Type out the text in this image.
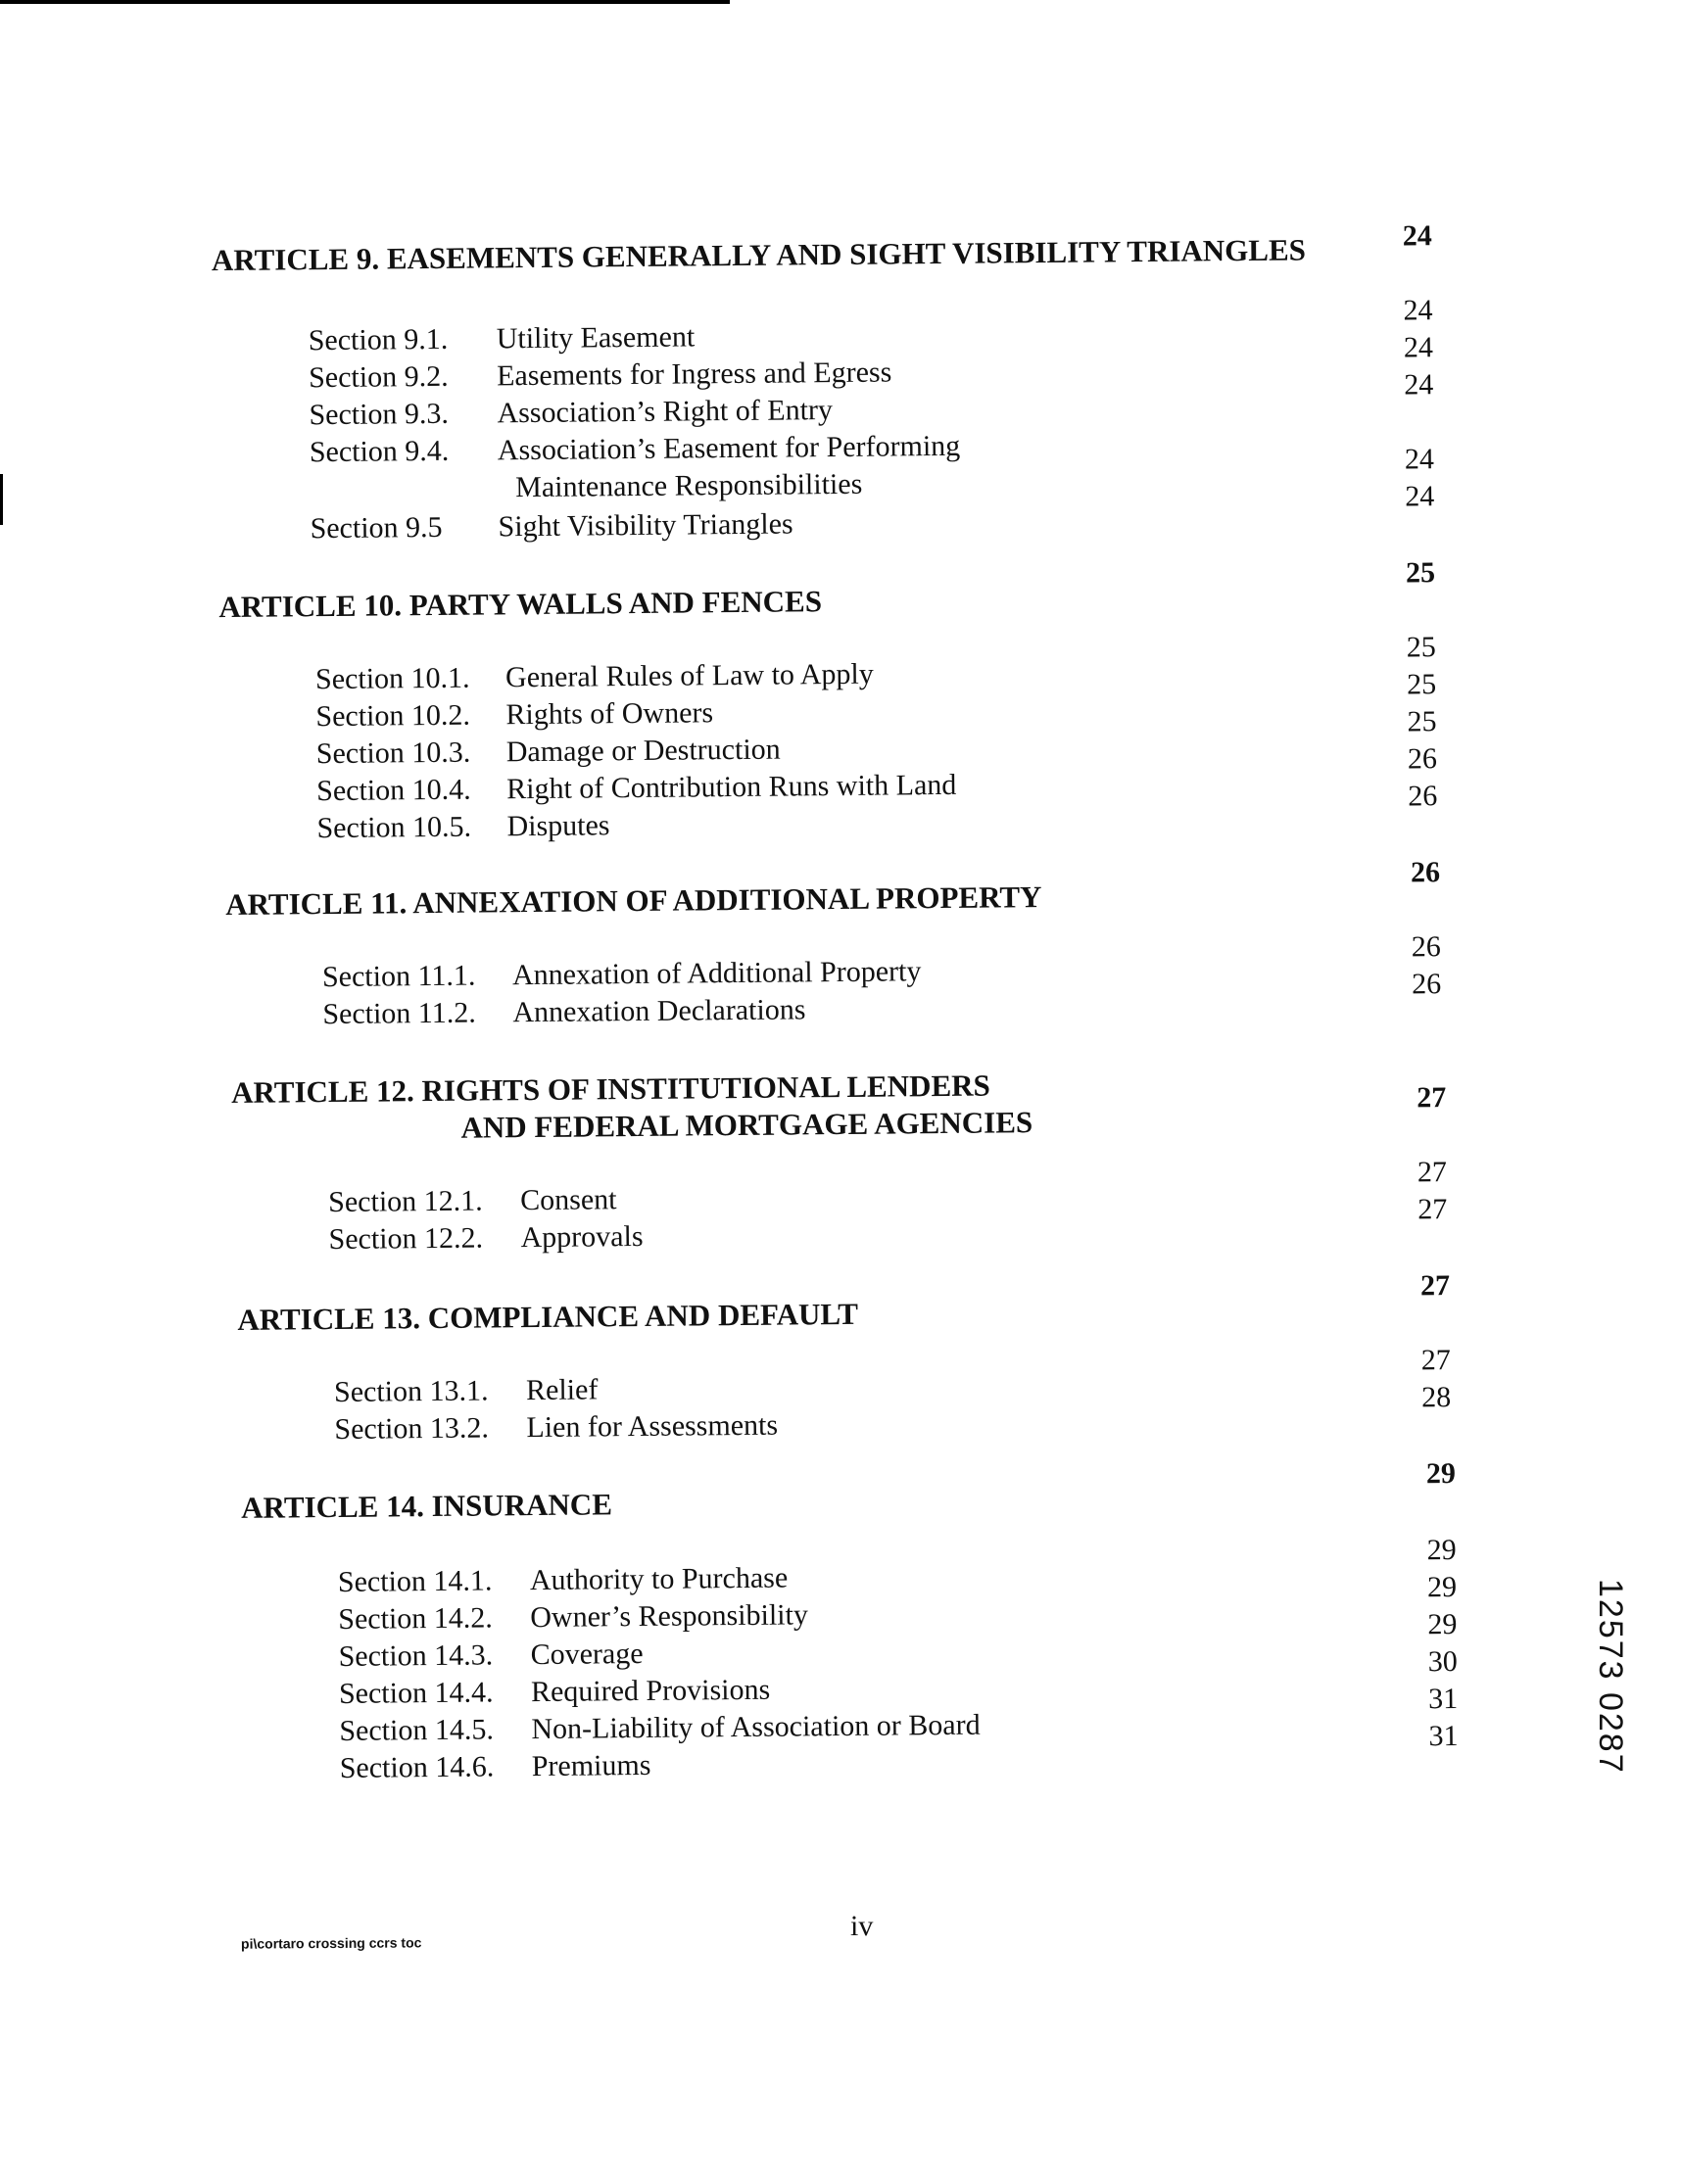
ARTICLE 9. EASEMENTS GENERALLY AND SIGHT VISIBILITY TRIANGLES	24
Section 9.1. Utility Easement
24
Section 9.2. Easements for Ingress and Egress
24
Section 9.3. Association’s Right of Entry
24
Section 9.4. Association’s Easement for Performing
Maintenance Responsibilities
24
Section 9.5 Sight Visibility Triangles
24
ARTICLE 10. PARTY WALLS AND FENCES
25
Section 10.1. General Rules of Law to Apply
25
Section 10.2. Rights of Owners
25
Section 10.3. Damage or Destruction
25
Section 10.4. Right of Contribution Runs with Land
26
Section 10.5. Disputes
26
ARTICLE 11. ANNEXATION OF ADDITIONAL PROPERTY
26
Section 11.1. Annexation of Additional Property
26
Section 11.2. Annexation Declarations
26
ARTICLE 12. RIGHTS OF INSTITUTIONAL LENDERS
AND FEDERAL MORTGAGE AGENCIES
27
Section 12.1. Consent
27
Section 12.2. Approvals
27
ARTICLE 13. COMPLIANCE AND DEFAULT
27
Section 13.1. Relief
27
Section 13.2. Lien for Assessments
28
ARTICLE 14. INSURANCE
29
Section 14.1. Authority to Purchase
29
Section 14.2. Owner’s Responsibility
29
Section 14.3. Coverage
29
Section 14.4. Required Provisions
30
Section 14.5. Non-Liability of Association or Board
31
Section 14.6. Premiums
31
iv
pi\cortaro crossing ccrs toc
12573 0287
